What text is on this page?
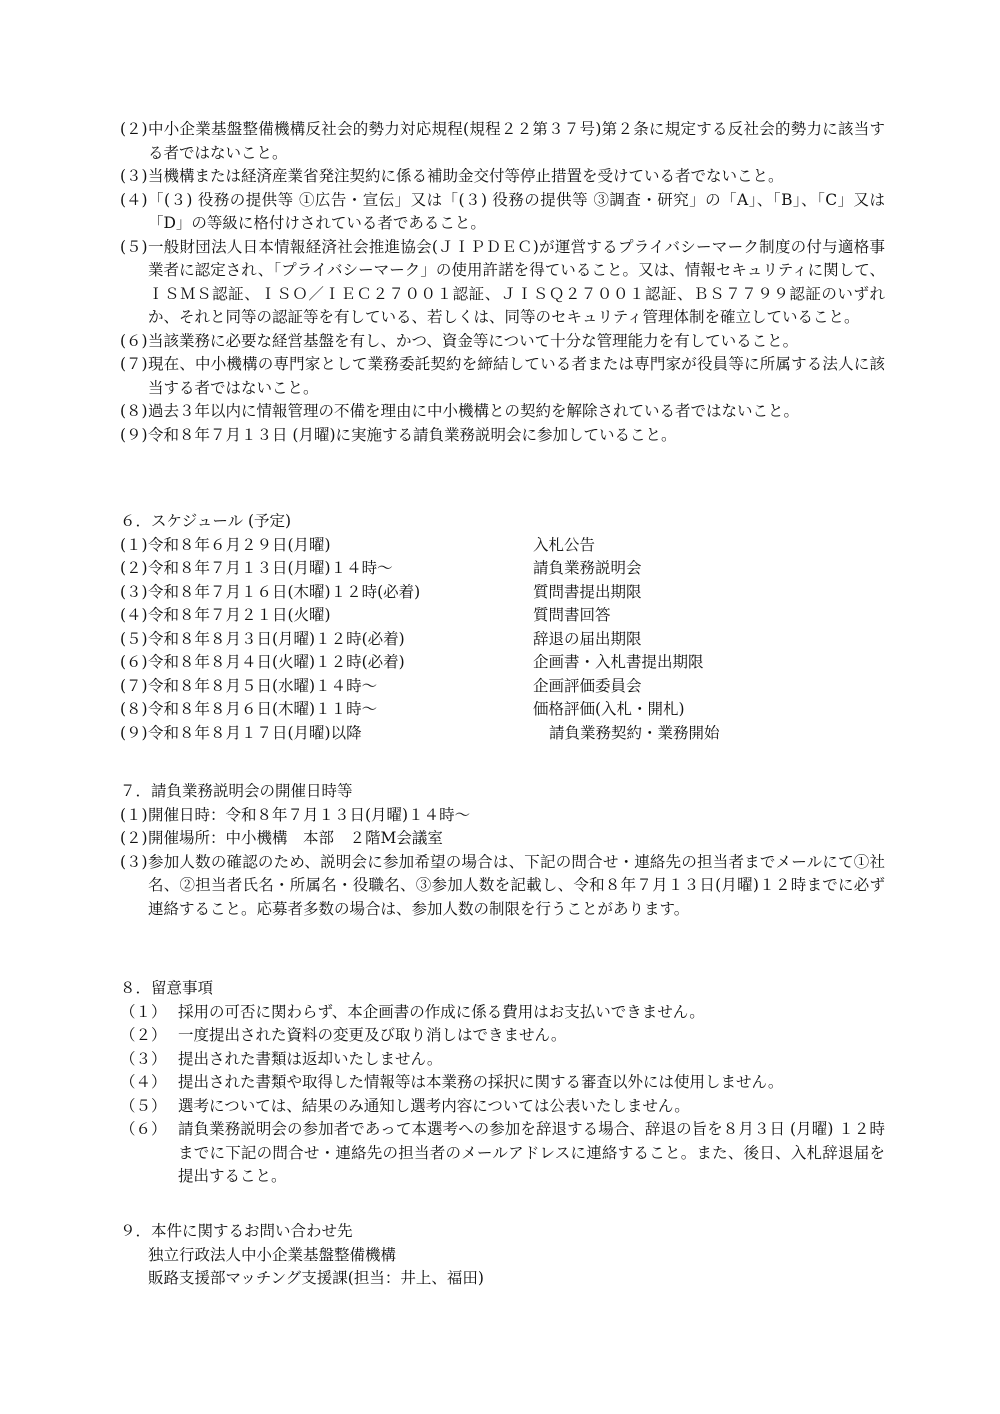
(２) 中小企業基盤整備機構反社会的勢力対応規程(規程２２第３７号)第２条に規定する反社会的勢力に該当する者ではないこと。
(３) 当機構または経済産業省発注契約に係る補助金交付等停止措置を受けている者でないこと。
(４) 「(３) 役務の提供等 ①広告・宣伝」又は「(３) 役務の提供等 ③調査・研究」の「A」、「B」、「C」又は「D」の等級に格付けされている者であること。
(５) 一般財団法人日本情報経済社会推進協会(ＪＩＰＤＥＣ)が運営するプライバシーマーク制度の付与適格事業者に認定され、「プライバシーマーク」の使用許諾を得ていること。又は、情報セキュリティに関して、ＩＳＭＳ認証、ＩＳＯ／ＩＥＣ２７００１認証、ＪＩＳＱ２７００１認証、ＢＳ７７９９認証のいずれか、それと同等の認証等を有している、若しくは、同等のセキュリティ管理体制を確立していること。
(６) 当該業務に必要な経営基盤を有し、かつ、資金等について十分な管理能力を有していること。
(７) 現在、中小機構の専門家として業務委託契約を締結している者または専門家が役員等に所属する法人に該当する者ではないこと。
(８) 過去３年以内に情報管理の不備を理由に中小機構との契約を解除されている者ではないこと。
(９) 令和８年７月１３日 (月曜)に実施する請負業務説明会に参加していること。
６．スケジュール (予定)
(１) 令和８年６月２９日(月曜)	入札公告
(２) 令和８年７月１３日(月曜)１４時～	請負業務説明会
(３) 令和８年７月１６日(木曜)１２時(必着)	質問書提出期限
(４) 令和８年７月２１日(火曜)	質問書回答
(５) 令和８年８月３日(月曜)１２時(必着)	辞退の届出期限
(６) 令和８年８月４日(火曜)１２時(必着)	企画書・入札書提出期限
(７) 令和８年８月５日(水曜)１４時～	企画評価委員会
(８) 令和８年８月６日(木曜)１１時～	価格評価(入札・開札)
(９) 令和８年８月１７日(月曜)以降	請負業務契約・業務開始
７．請負業務説明会の開催日時等
(１) 開催日時：令和８年７月１３日(月曜)１４時～
(２) 開催場所：中小機構　本部　２階M会議室
(３) 参加人数の確認のため、説明会に参加希望の場合は、下記の問合せ・連絡先の担当者までメールにて①社名、②担当者氏名・所属名・役職名、③参加人数を記載し、令和８年７月１３日(月曜)１２時までに必ず連絡すること。応募者多数の場合は、参加人数の制限を行うことがあります。
８．留意事項
（１） 採用の可否に関わらず、本企画書の作成に係る費用はお支払いできません。
（２） 一度提出された資料の変更及び取り消しはできません。
（３） 提出された書類は返却いたしません。
（４） 提出された書類や取得した情報等は本業務の採択に関する審査以外には使用しません。
（５） 選考については、結果のみ通知し選考内容については公表いたしません。
（６） 請負業務説明会の参加者であって本選考への参加を辞退する場合、辞退の旨を８月３日 (月曜) １２時までに下記の問合せ・連絡先の担当者のメールアドレスに連絡すること。また、後日、入札辞退届を提出すること。
９．本件に関するお問い合わせ先
独立行政法人中小企業基盤整備機構
販路支援部マッチング支援課(担当：井上、福田)
